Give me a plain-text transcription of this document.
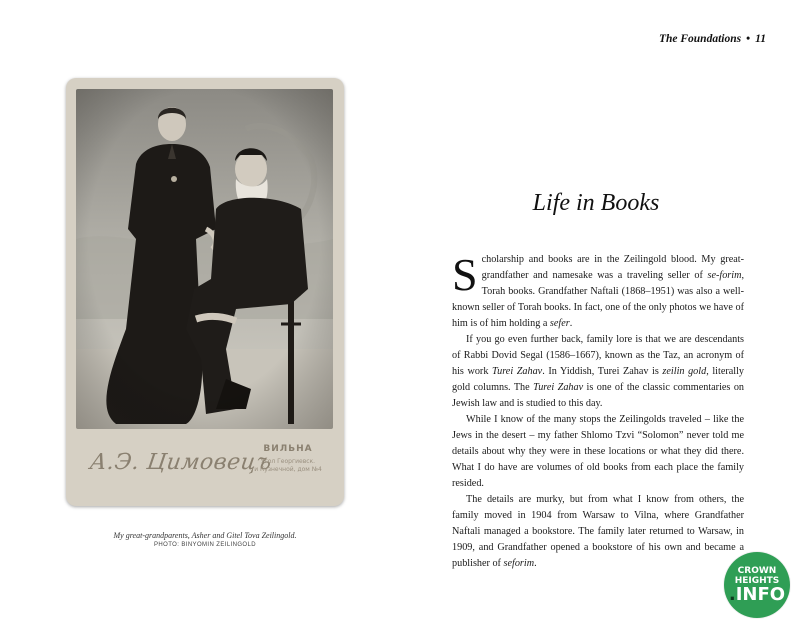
А.Э. Цимовецъ
ВИЛЬНА
Угол Георгиевск.
и Кузнечной, дом №4
My great-grandparents, Asher and Gitel Tova Zeilingold.
PHOTO: BINYOMIN ZEILINGOLD
The Foundations • 11
Life in Books

Scholarship and books are in the Zeilingold blood. My great-grandfather and namesake was a traveling seller of se-forim, Torah books. Grandfather Naftali (1868–1951) was also a well-known seller of Torah books. In fact, one of the only photos we have of him is of him holding a sefer.

If you go even further back, family lore is that we are descendants of Rabbi Dovid Segal (1586–1667), known as the Taz, an acronym of his work Turei Zahav. In Yiddish, Turei Zahav is zeilin gold, literally gold columns. The Turei Zahav is one of the classic commentaries on Jewish law and is studied to this day.

While I know of the many stops the Zeilingolds traveled – like the Jews in the desert – my father Shlomo Tzvi “Solomon” never told me details about why they were in these locations or what they did there. What I do have are volumes of old books from each place the family resided.

The details are murky, but from what I know from others, the family moved in 1904 from Warsaw to Vilna, where Grandfather Naftali managed a bookstore. The family later returned to Warsaw, in 1909, and Grandfather opened a bookstore of his own and became a publisher of seforim.

CROWN
HEIGHTS
.INFO
